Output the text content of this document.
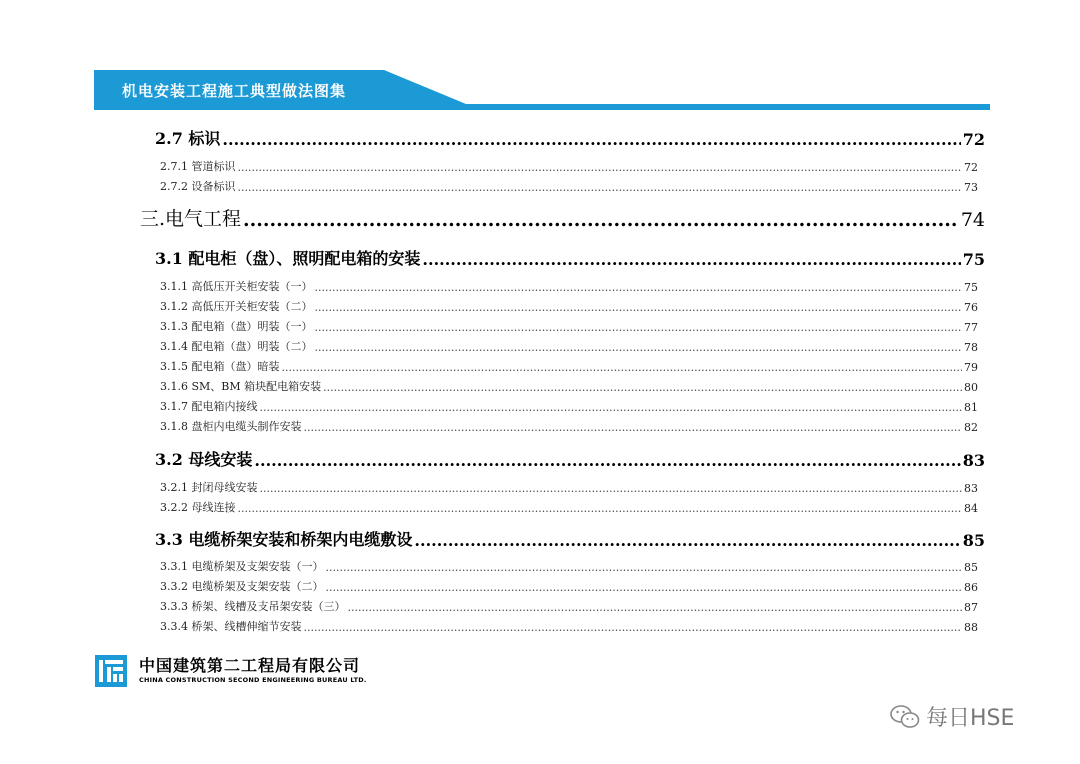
机电安装工程施工典型做法图集
2.7 标识 .....	72
2.7.1 管道标识 .....	72
2.7.2 设备标识 .....	73
三.电气工程 .....	74
3.1 配电柜（盘）、照明配电箱的安装 .....	75
3.1.1 高低压开关柜安装（一） .....	75
3.1.2 高低压开关柜安装（二） .....	76
3.1.3 配电箱（盘）明装（一） .....	77
3.1.4 配电箱（盘）明装（二） .....	78
3.1.5 配电箱（盘）暗装 .....	79
3.1.6 SM、BM 箱块配电箱安装 .....	80
3.1.7 配电箱内接线 .....	81
3.1.8 盘柜内电缆头制作安装 .....	82
3.2 母线安装 .....	83
3.2.1 封闭母线安装 .....	83
3.2.2 母线连接 .....	84
3.3 电缆桥架安装和桥架内电缆敷设 .....	85
3.3.1 电缆桥架及支架安装（一） .....	85
3.3.2 电缆桥架及支架安装（二） .....	86
3.3.3 桥架、线槽及支吊架安装（三） .....	87
3.3.4 桥架、线槽伸缩节安装 .....	88
中国建筑第二工程局有限公司
CHINA CONSTRUCTION SECOND ENGINEERING BUREAU LTD.
每日HSE
